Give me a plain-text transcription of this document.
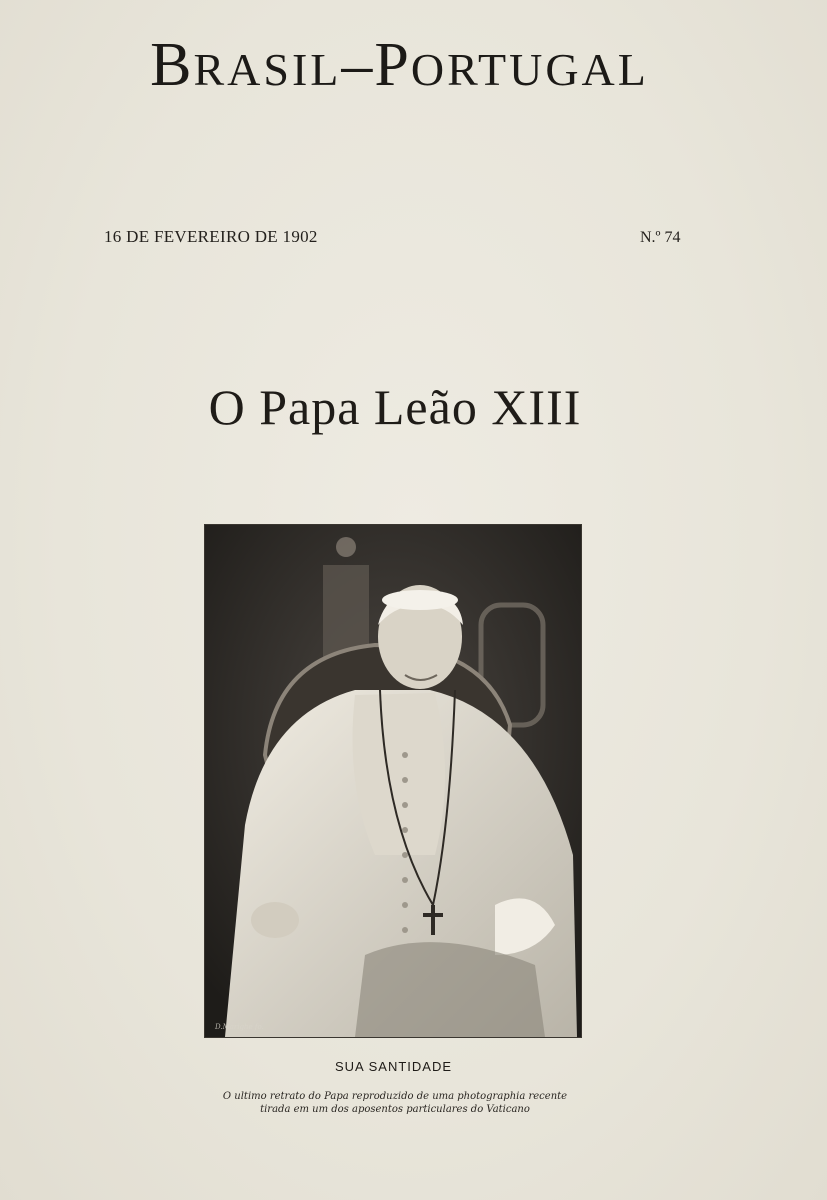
BRASIL–PORTUGAL
16 DE FEVEREIRO DE 1902	N.º 74
O Papa Leão XIII
D.Marighe fo.
SUA SANTIDADE
O ultimo retrato do Papa reproduzido de uma photographia recente
tirada em um dos aposentos particulares do Vaticano
